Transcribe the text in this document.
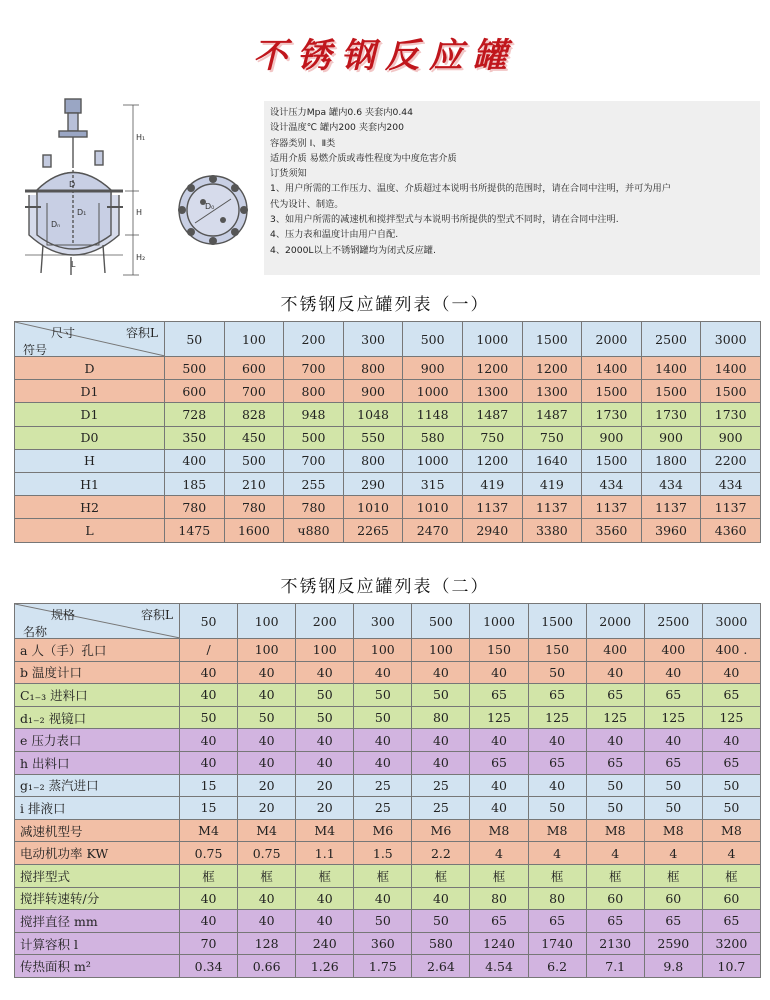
不锈钢反应罐
H₁
D
D₁
Dₙ
H
H₂
L
D₀
设计压力Mpa 罐内0.6 夹套内0.44
设计温度℃ 罐内200 夹套内200
容器类别 Ⅰ、Ⅱ类
适用介质 易燃介质或毒性程度为中度危害介质
订货须知
1、用户所需的工作压力、温度、介质超过本说明书所提供的范围时，请在合同中注明，并可为用户
代为设计、制造。
3、如用户所需的减速机和搅拌型式与本说明书所提供的型式不同时，请在合同中注明.
4、压力表和温度计由用户自配.
4、2000L以上不锈钢罐均为闭式反应罐.
不锈钢反应罐列表（一）
尺寸 容积L
符号	50	100	200	300	500	1000	1500	2000	2500	3000
D	500	600	700	800	900	1200	1200	1400	1400	1400
D1	600	700	800	900	1000	1300	1300	1500	1500	1500
D1	728	828	948	1048	1148	1487	1487	1730	1730	1730
D0	350	450	500	550	580	750	750	900	900	900
H	400	500	700	800	1000	1200	1640	1500	1800	2200
H1	185	210	255	290	315	419	419	434	434	434
H2	780	780	780	1010	1010	1137	1137	1137	1137	1137
L	1475	1600	ч880	2265	2470	2940	3380	3560	3960	4360
不锈钢反应罐列表（二）
规格 容积L
名称	50	100	200	300	500	1000	1500	2000	2500	3000
a 人（手）孔口	/	100	100	100	100	150	150	400	400	400 .
b 温度计口	40	40	40	40	40	40	50	40	40	40
C₁₋₃ 进料口	40	40	50	50	50	65	65	65	65	65
d₁₋₂ 视镜口	50	50	50	50	80	125	125	125	125	125
e 压力表口	40	40	40	40	40	40	40	40	40	40
h 出料口	40	40	40	40	40	65	65	65	65	65
g₁₋₂ 蒸汽进口	15	20	20	25	25	40	40	50	50	50
i 排液口	15	20	20	25	25	40	50	50	50	50
减速机型号	M4	M4	M4	M6	M6	M8	M8	M8	M8	M8
电动机功率 KW	0.75	0.75	1.1	1.5	2.2	4	4	4	4	4
搅拌型式	框	框	框	框	框	框	框	框	框	框
搅拌转速转/分	40	40	40	40	40	80	80	60	60	60
搅拌直径 mm	40	40	40	50	50	65	65	65	65	65
计算容积 l	70	128	240	360	580	1240	1740	2130	2590	3200
传热面积 m²	0.34	0.66	1.26	1.75	2.64	4.54	6.2	7.1	9.8	10.7
